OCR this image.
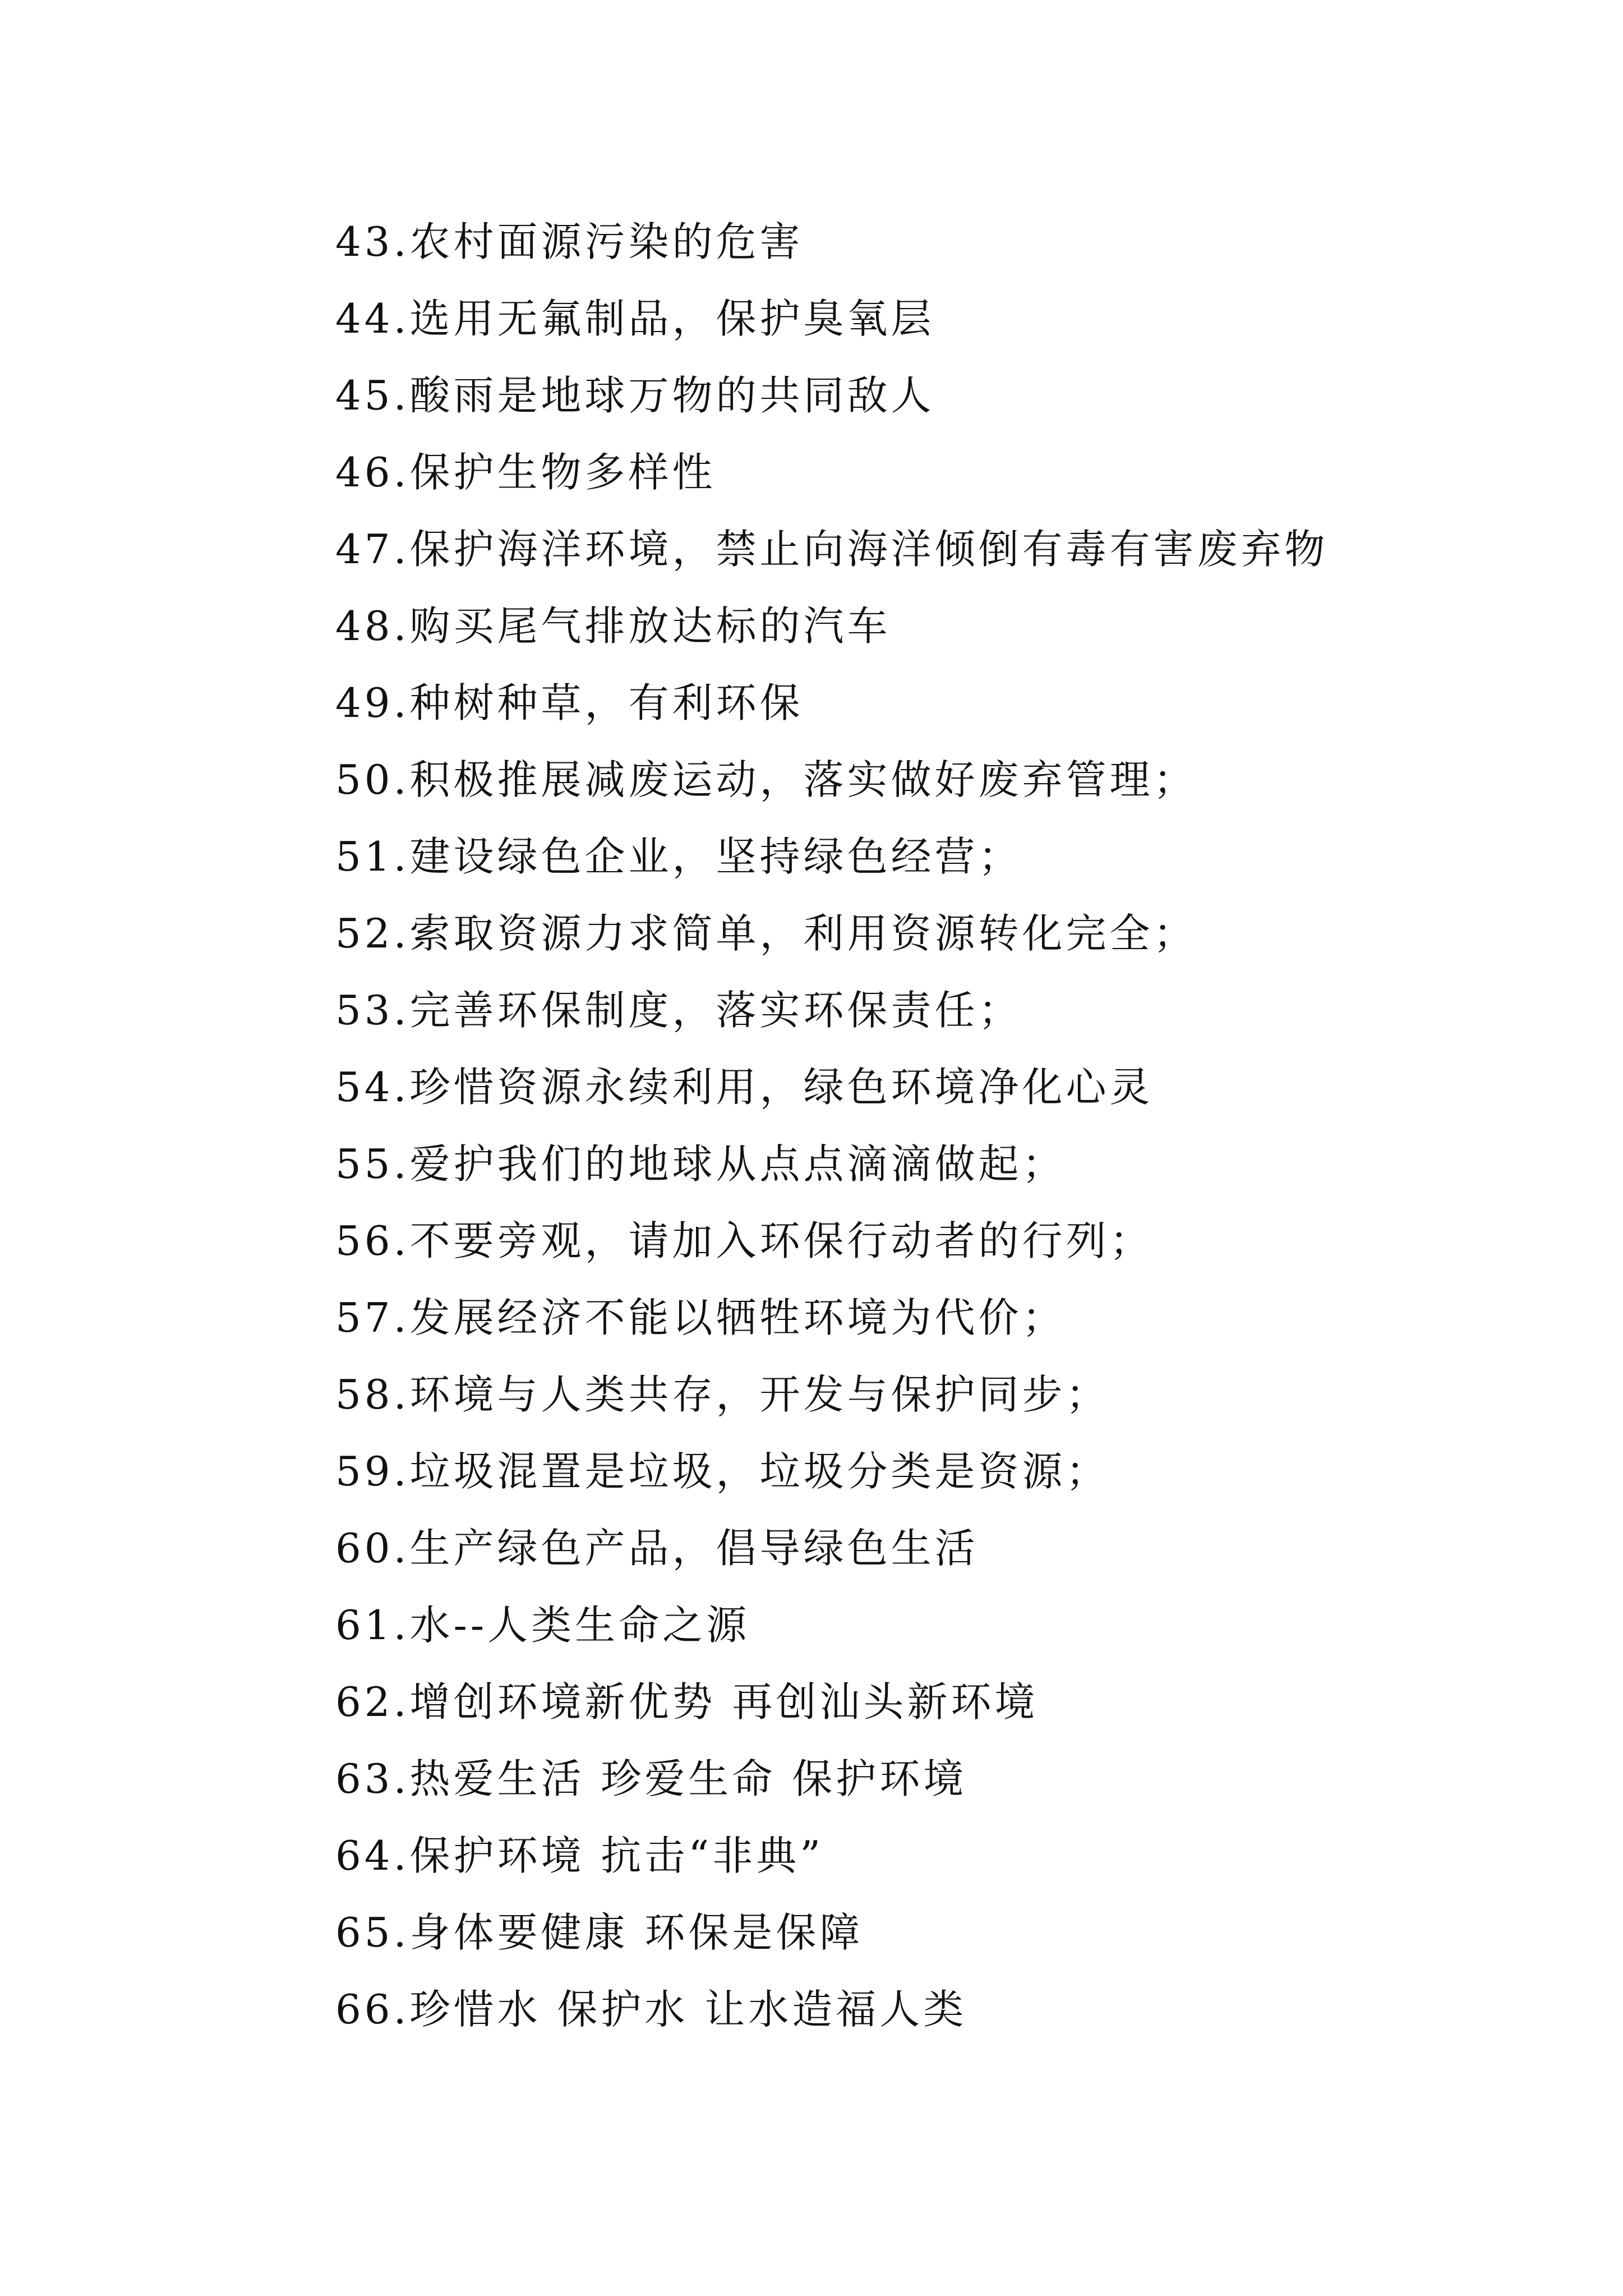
43.农村面源污染的危害
44.选用无氟制品，保护臭氧层
45.酸雨是地球万物的共同敌人
46.保护生物多样性
47.保护海洋环境，禁止向海洋倾倒有毒有害废弃物
48.购买尾气排放达标的汽车
49.种树种草，有利环保
50.积极推展减废运动，落实做好废弃管理；
51.建设绿色企业，坚持绿色经营；
52.索取资源力求简单，利用资源转化完全；
53.完善环保制度，落实环保责任；
54.珍惜资源永续利用，绿色环境净化心灵
55.爱护我们的地球从点点滴滴做起；
56.不要旁观，请加入环保行动者的行列；
57.发展经济不能以牺牲环境为代价；
58.环境与人类共存，开发与保护同步；
59.垃圾混置是垃圾，垃圾分类是资源；
60.生产绿色产品，倡导绿色生活
61.水--人类生命之源
62.增创环境新优势 再创汕头新环境
63.热爱生活 珍爱生命 保护环境
64.保护环境 抗击“非典”
65.身体要健康 环保是保障
66.珍惜水 保护水 让水造福人类
